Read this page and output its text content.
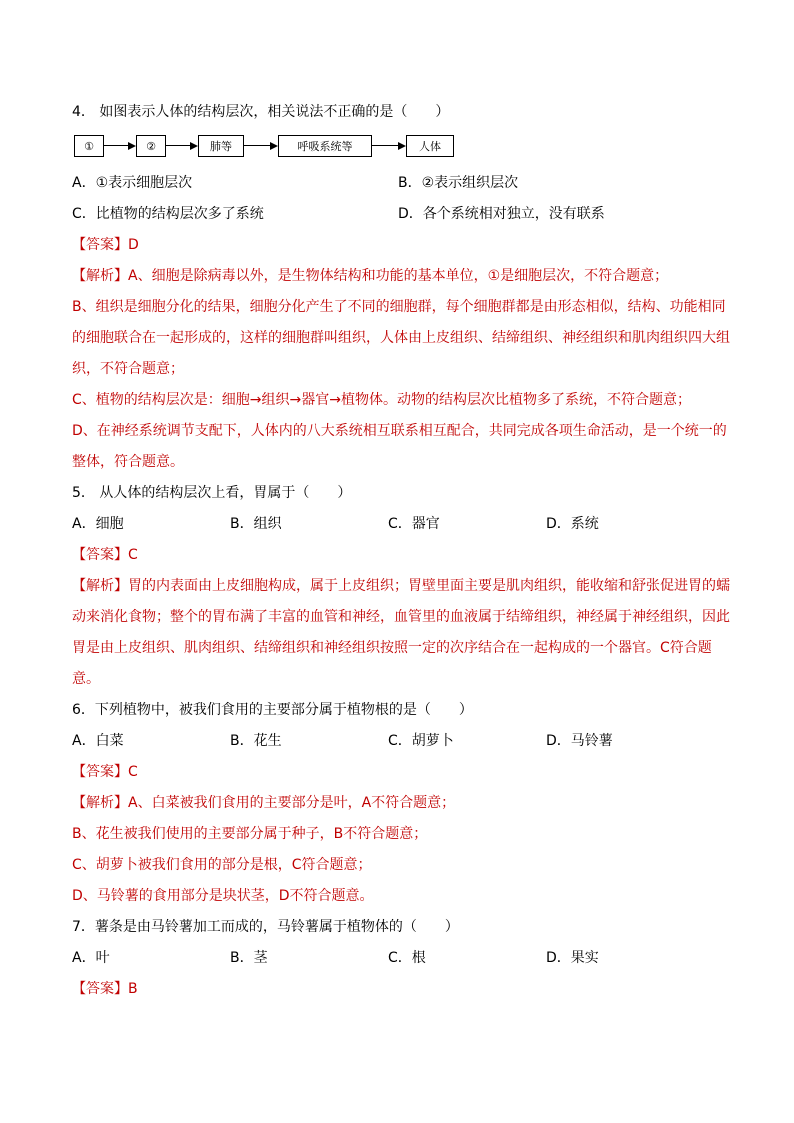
4． 如图表示人体的结构层次，相关说法不正确的是（　　）
①	②	肺等	呼吸系统等	人体
A．①表示细胞层次	B．②表示组织层次
C．比植物的结构层次多了系统	D．各个系统相对独立，没有联系
【答案】D
【解析】A、细胞是除病毒以外，是生物体结构和功能的基本单位，①是细胞层次，不符合题意；
B、组织是细胞分化的结果，细胞分化产生了不同的细胞群，每个细胞群都是由形态相似，结构、功能相同的细胞联合在一起形成的，这样的细胞群叫组织，人体由上皮组织、结缔组织、神经组织和肌肉组织四大组织，不符合题意；
C、植物的结构层次是：细胞→组织→器官→植物体。动物的结构层次比植物多了系统，不符合题意；
D、在神经系统调节支配下，人体内的八大系统相互联系相互配合，共同完成各项生命活动，是一个统一的整体，符合题意。
5． 从人体的结构层次上看，胃属于（　　）
A．细胞	B．组织	C．器官	D．系统
【答案】C
【解析】胃的内表面由上皮细胞构成，属于上皮组织；胃壁里面主要是肌肉组织，能收缩和舒张促进胃的蠕动来消化食物；整个的胃布满了丰富的血管和神经，血管里的血液属于结缔组织，神经属于神经组织，因此胃是由上皮组织、肌肉组织、结缔组织和神经组织按照一定的次序结合在一起构成的一个器官。C符合题意。
6．下列植物中，被我们食用的主要部分属于植物根的是（　　）
A．白菜	B．花生	C．胡萝卜	D．马铃薯
【答案】C
【解析】A、白菜被我们食用的主要部分是叶，A不符合题意；
B、花生被我们使用的主要部分属于种子，B不符合题意；
C、胡萝卜被我们食用的部分是根，C符合题意；
D、马铃薯的食用部分是块状茎，D不符合题意。
7．薯条是由马铃薯加工而成的，马铃薯属于植物体的（　　）
A．叶	B．茎	C．根	D．果实
【答案】B
